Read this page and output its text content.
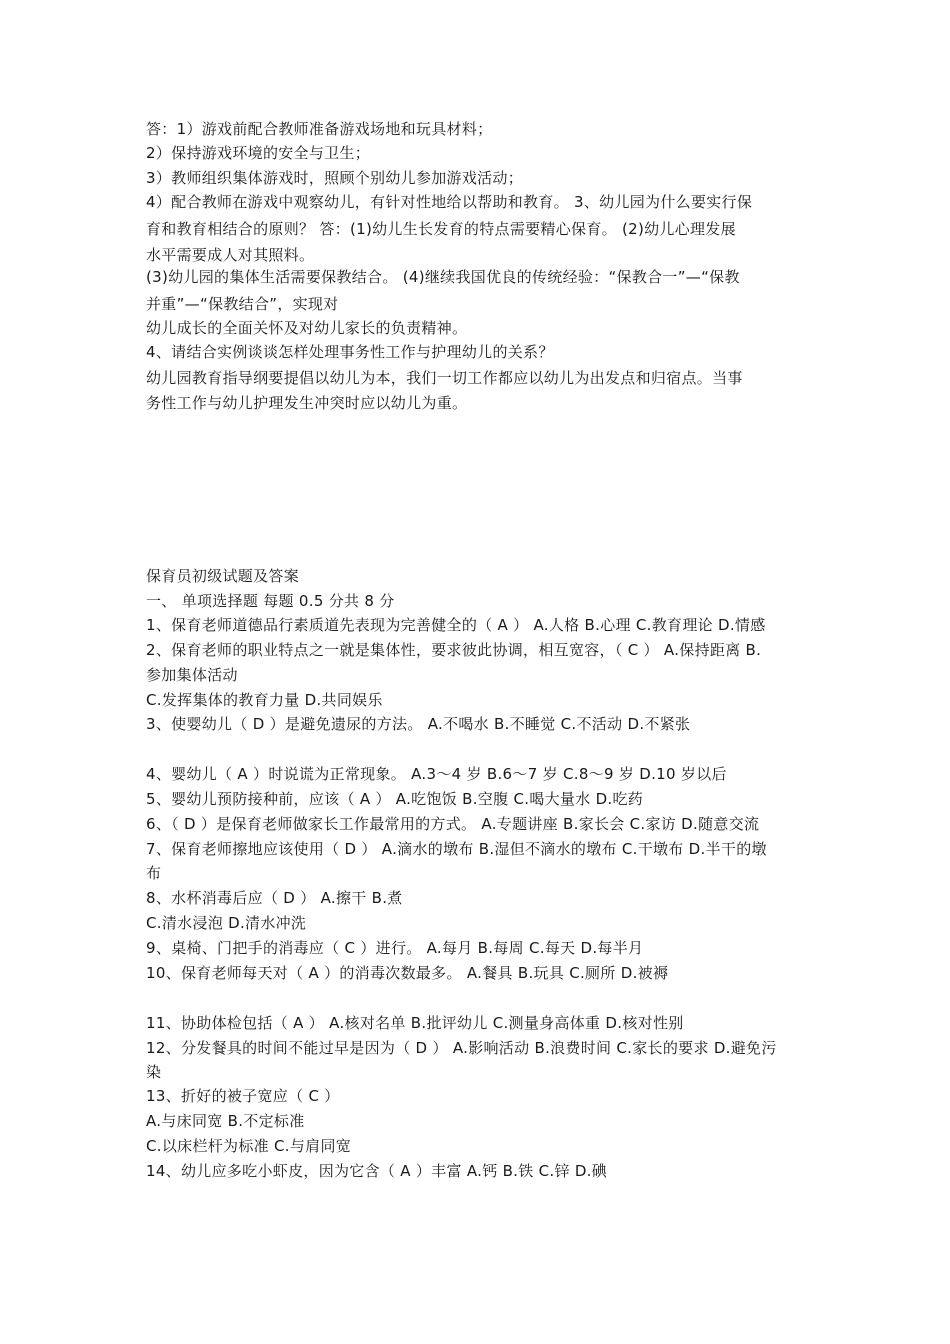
答：1）游戏前配合教师准备游戏场地和玩具材料；
2）保持游戏环境的安全与卫生；
3）教师组织集体游戏时，照顾个别幼儿参加游戏活动；
4）配合教师在游戏中观察幼儿，有针对性地给以帮助和教育。 3、幼儿园为什么要实行保
育和教育相结合的原则？ 答：(1)幼儿生长发育的特点需要精心保育。 (2)幼儿心理发展
水平需要成人对其照料。
(3)幼儿园的集体生活需要保教结合。 (4)继续我国优良的传统经验：“保教合一”—“保教
并重”—“保教结合”，实现对
幼儿成长的全面关怀及对幼儿家长的负责精神。
4、请结合实例谈谈怎样处理事务性工作与护理幼儿的关系？
幼儿园教育指导纲要提倡以幼儿为本，我们一切工作都应以幼儿为出发点和归宿点。当事
务性工作与幼儿护理发生冲突时应以幼儿为重。
保育员初级试题及答案
一、 单项选择题 每题 0.5 分共 8 分
1、保育老师道德品行素质道先表现为完善健全的（ A ） A.人格 B.心理 C.教育理论 D.情感
2、保育老师的职业特点之一就是集体性，要求彼此协调，相互宽容，（ C ） A.保持距离 B.
参加集体活动
C.发挥集体的教育力量 D.共同娱乐
3、使婴幼儿（ D ）是避免遗尿的方法。 A.不喝水 B.不睡觉 C.不活动 D.不紧张
4、婴幼儿（ A ）时说谎为正常现象。 A.3～4 岁 B.6～7 岁 C.8～9 岁 D.10 岁以后
5、婴幼儿预防接种前，应该（ A ） A.吃饱饭 B.空腹 C.喝大量水 D.吃药
6、（ D ）是保育老师做家长工作最常用的方式。 A.专题讲座 B.家长会 C.家访 D.随意交流
7、保育老师擦地应该使用（ D ） A.滴水的墩布 B.湿但不滴水的墩布 C.干墩布 D.半干的墩
布
8、水杯消毒后应（ D ） A.擦干 B.煮
C.清水浸泡 D.清水冲洗
9、桌椅、门把手的消毒应（ C ）进行。 A.每月 B.每周 C.每天 D.每半月
10、保育老师每天对（ A ）的消毒次数最多。 A.餐具 B.玩具 C.厕所 D.被褥
11、协助体检包括（ A ） A.核对名单 B.批评幼儿 C.测量身高体重 D.核对性别
12、分发餐具的时间不能过早是因为（ D ） A.影响活动 B.浪费时间 C.家长的要求 D.避免污
染
13、折好的被子宽应（ C ）
A.与床同宽 B.不定标准
C.以床栏杆为标准 C.与肩同宽
14、幼儿应多吃小虾皮，因为它含（ A ）丰富 A.钙 B.铁 C.锌 D.碘
